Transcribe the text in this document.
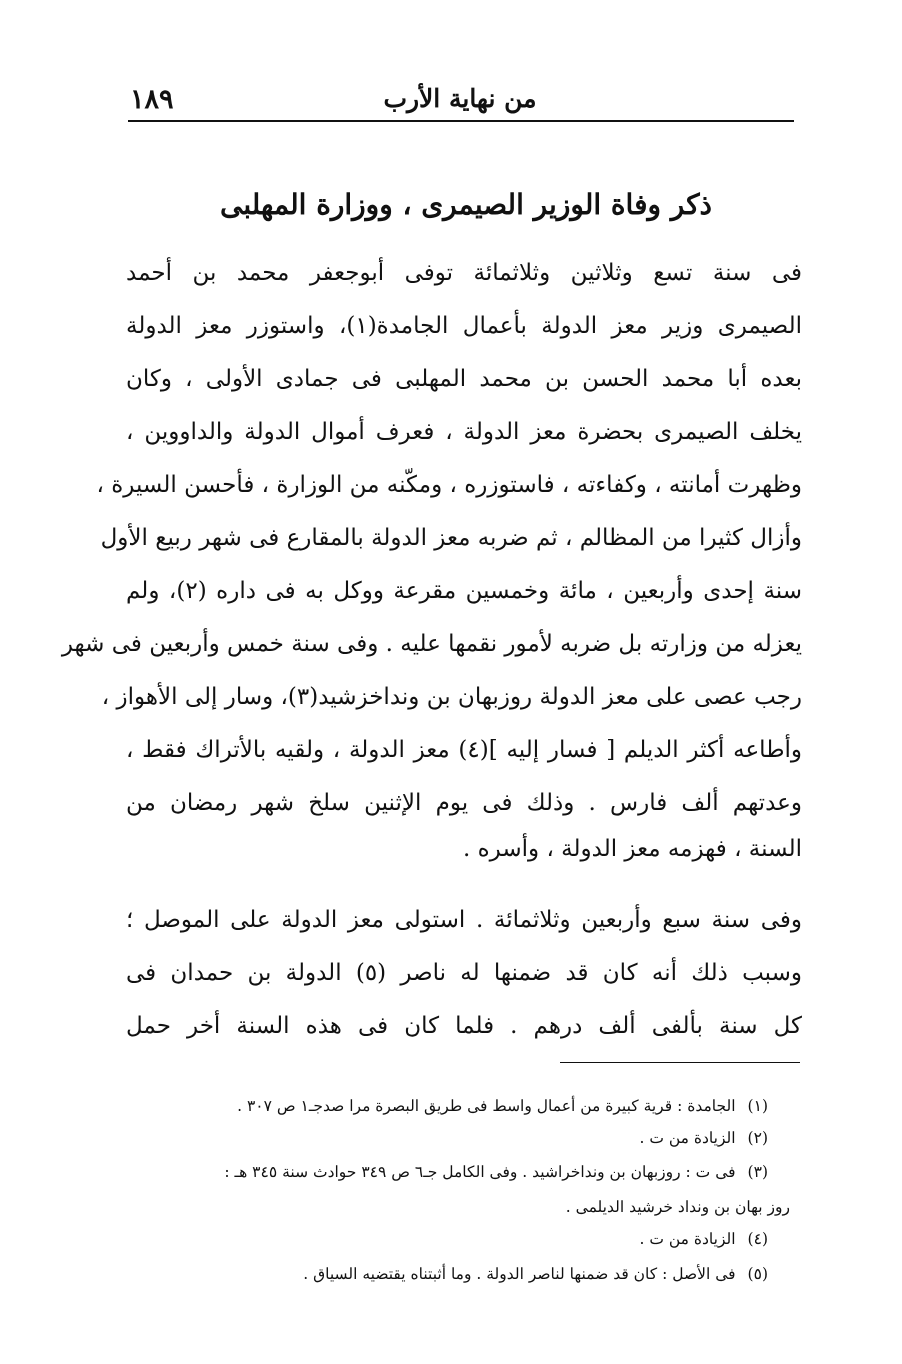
من نهاية الأرب
١٨٩
ذكر وفاة الوزير الصيمرى ، ووزارة المهلبى
فى سنة تسع وثلاثين وثلاثمائة توفى أبوجعفر محمد بن أحمد
الصيمرى وزير معز الدولة بأعمال الجامدة(١)، واستوزر معز الدولة
بعده أبا محمد الحسن بن محمد المهلبى فى جمادى الأولى ، وكان
يخلف الصيمرى بحضرة معز الدولة ، فعرف أموال الدولة والداووين ،
وظهرت أمانته ، وكفاءته ، فاستوزره ، ومكّنه من الوزارة ، فأحسن السيرة ،
وأزال كثيرا من المظالم ، ثم ضربه معز الدولة بالمقارع فى شهر ربيع الأول
سنة إحدى وأربعين ، مائة وخمسين مقرعة ووكل به فى داره (٢)، ولم
يعزله من وزارته بل ضربه لأمور نقمها عليه . وفى سنة خمس وأربعين فى شهر
رجب عصى على معز الدولة روزبهان بن ونداخزشيد(٣)، وسار إلى الأهواز ،
وأطاعه أكثر الديلم [ فسار إليه ](٤) معز الدولة ، ولقيه بالأتراك فقط ،
وعدتهم ألف فارس . وذلك فى يوم الإثنين سلخ شهر رمضان من
السنة ، فهزمه معز الدولة ، وأسره .
وفى سنة سبع وأربعين وثلاثمائة . استولى معز الدولة على الموصل ؛
وسبب ذلك أنه كان قد ضمنها له ناصر (٥) الدولة بن حمدان فى
كل سنة بألفى ألف درهم . فلما كان فى هذه السنة أخر حمل
(١)الجامدة : قرية كبيرة من أعمال واسط فى طريق البصرة مرا صدجـ١ ص ٣٠٧ .
(٢)الزيادة من ت .
(٣)فى ت : روزبهان بن ونداخراشيد . وفى الكامل جـ٦ ص ٣٤٩ حوادث سنة ٣٤٥ هـ :
روز بهان بن ونداد خرشيد الديلمى .
(٤)الزيادة من ت .
(٥)فى الأصل : كان قد ضمنها لناصر الدولة . وما أثبتناه يقتضيه السياق .
